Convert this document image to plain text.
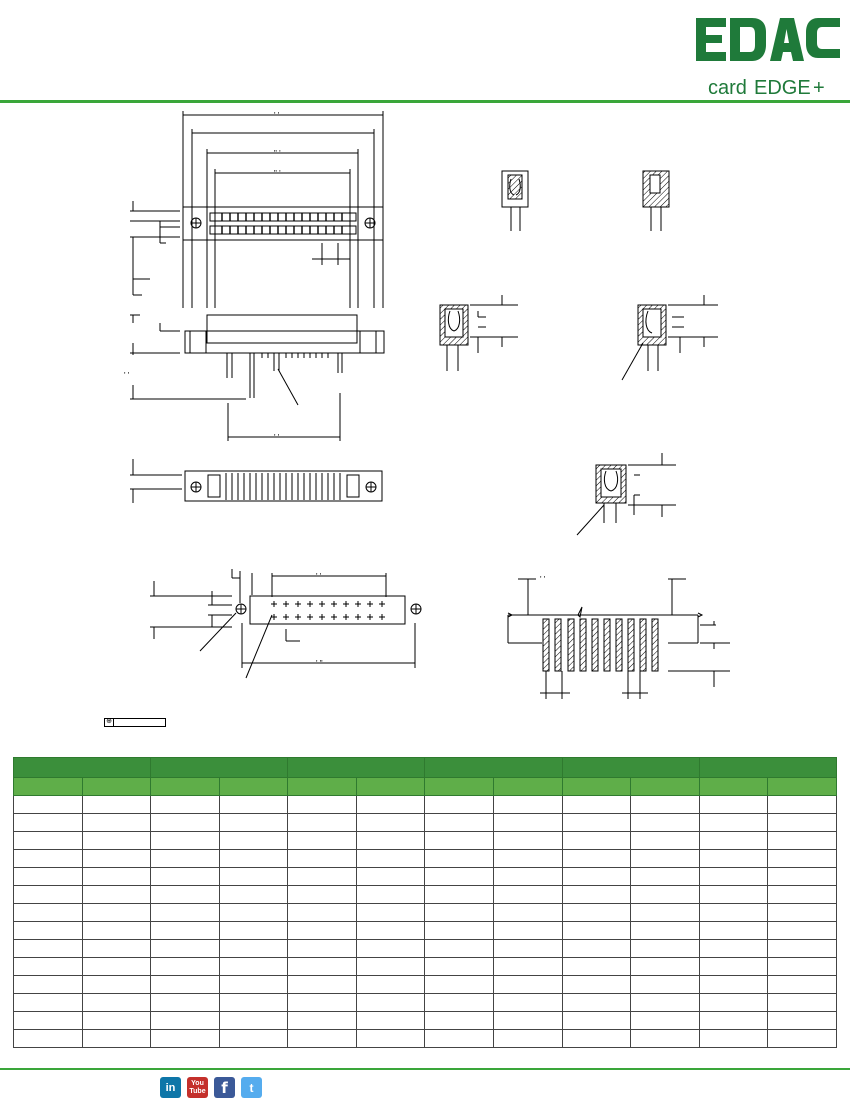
card EDGE +
' '
" '
" '
' '
' '
' '
' "
' '
⊕

in You
Tube f t
